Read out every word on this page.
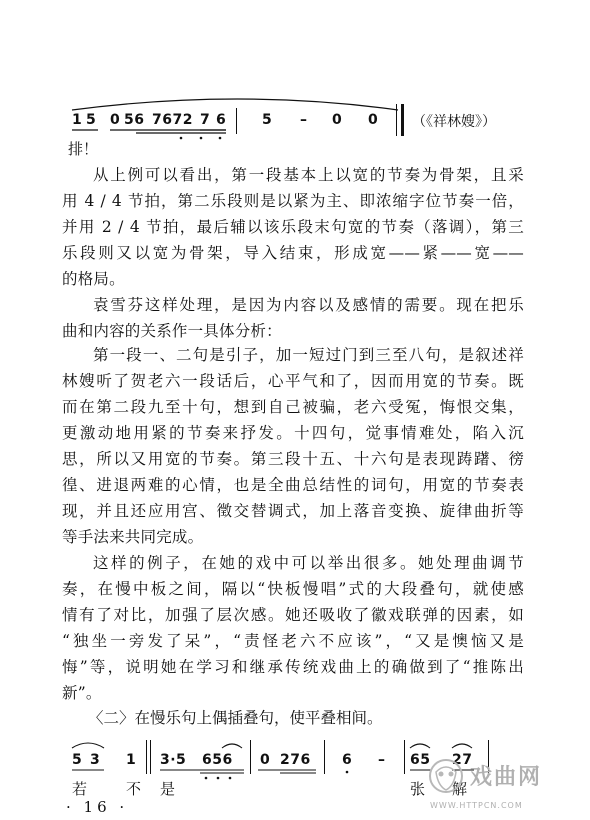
1 5 0 56 7672 7 6	5 – 0 0
排！
（《祥林嫂》）
从上例可以看出，第一段基本上以宽的节奏为骨架，且采
用 4 / 4 节拍，第二乐段则是以紧为主、即浓缩字位节奏一倍，
并用 2 / 4 节拍，最后辅以该乐段末句宽的节奏（落调），第三
乐段则又以宽为骨架，导入结束，形成宽——紧——宽——
的格局。
袁雪芬这样处理，是因为内容以及感情的需要。现在把乐
曲和内容的关系作一具体分析：
第一段一、二句是引子，加一短过门到三至八句，是叙述祥
林嫂听了贺老六一段话后，心平气和了，因而用宽的节奏。既
而在第二段九至十句，想到自己被骗，老六受冤，悔恨交集，
更激动地用紧的节奏来抒发。十四句，觉事情难处，陷入沉
思，所以又用宽的节奏。第三段十五、十六句是表现踌躇、徬
徨、进退两难的心情，也是全曲总结性的词句，用宽的节奏表
现，并且还应用宫、徵交替调式，加上落音变换、旋律曲折等
等手法来共同完成。
这样的例子，在她的戏中可以举出很多。她处理曲调节
奏，在慢中板之间，隔以“快板慢唱”式的大段叠句，就使感
情有了对比，加强了层次感。她还吸收了徽戏联弹的因素，如
“独坐一旁发了呆”，“责怪老六不应该”，“又是懊恼又是
悔”等，说明她在学习和继承传统戏曲上的确做到了“推陈出
新”。
〈二〉在慢乐句上偶插叠句，使平叠相间。
5 3 1 3·5 656 0 276 6 – 65 27
若	不 是	张 解
· 16 ·
戏曲网
WWW.HTTPCN.COM
